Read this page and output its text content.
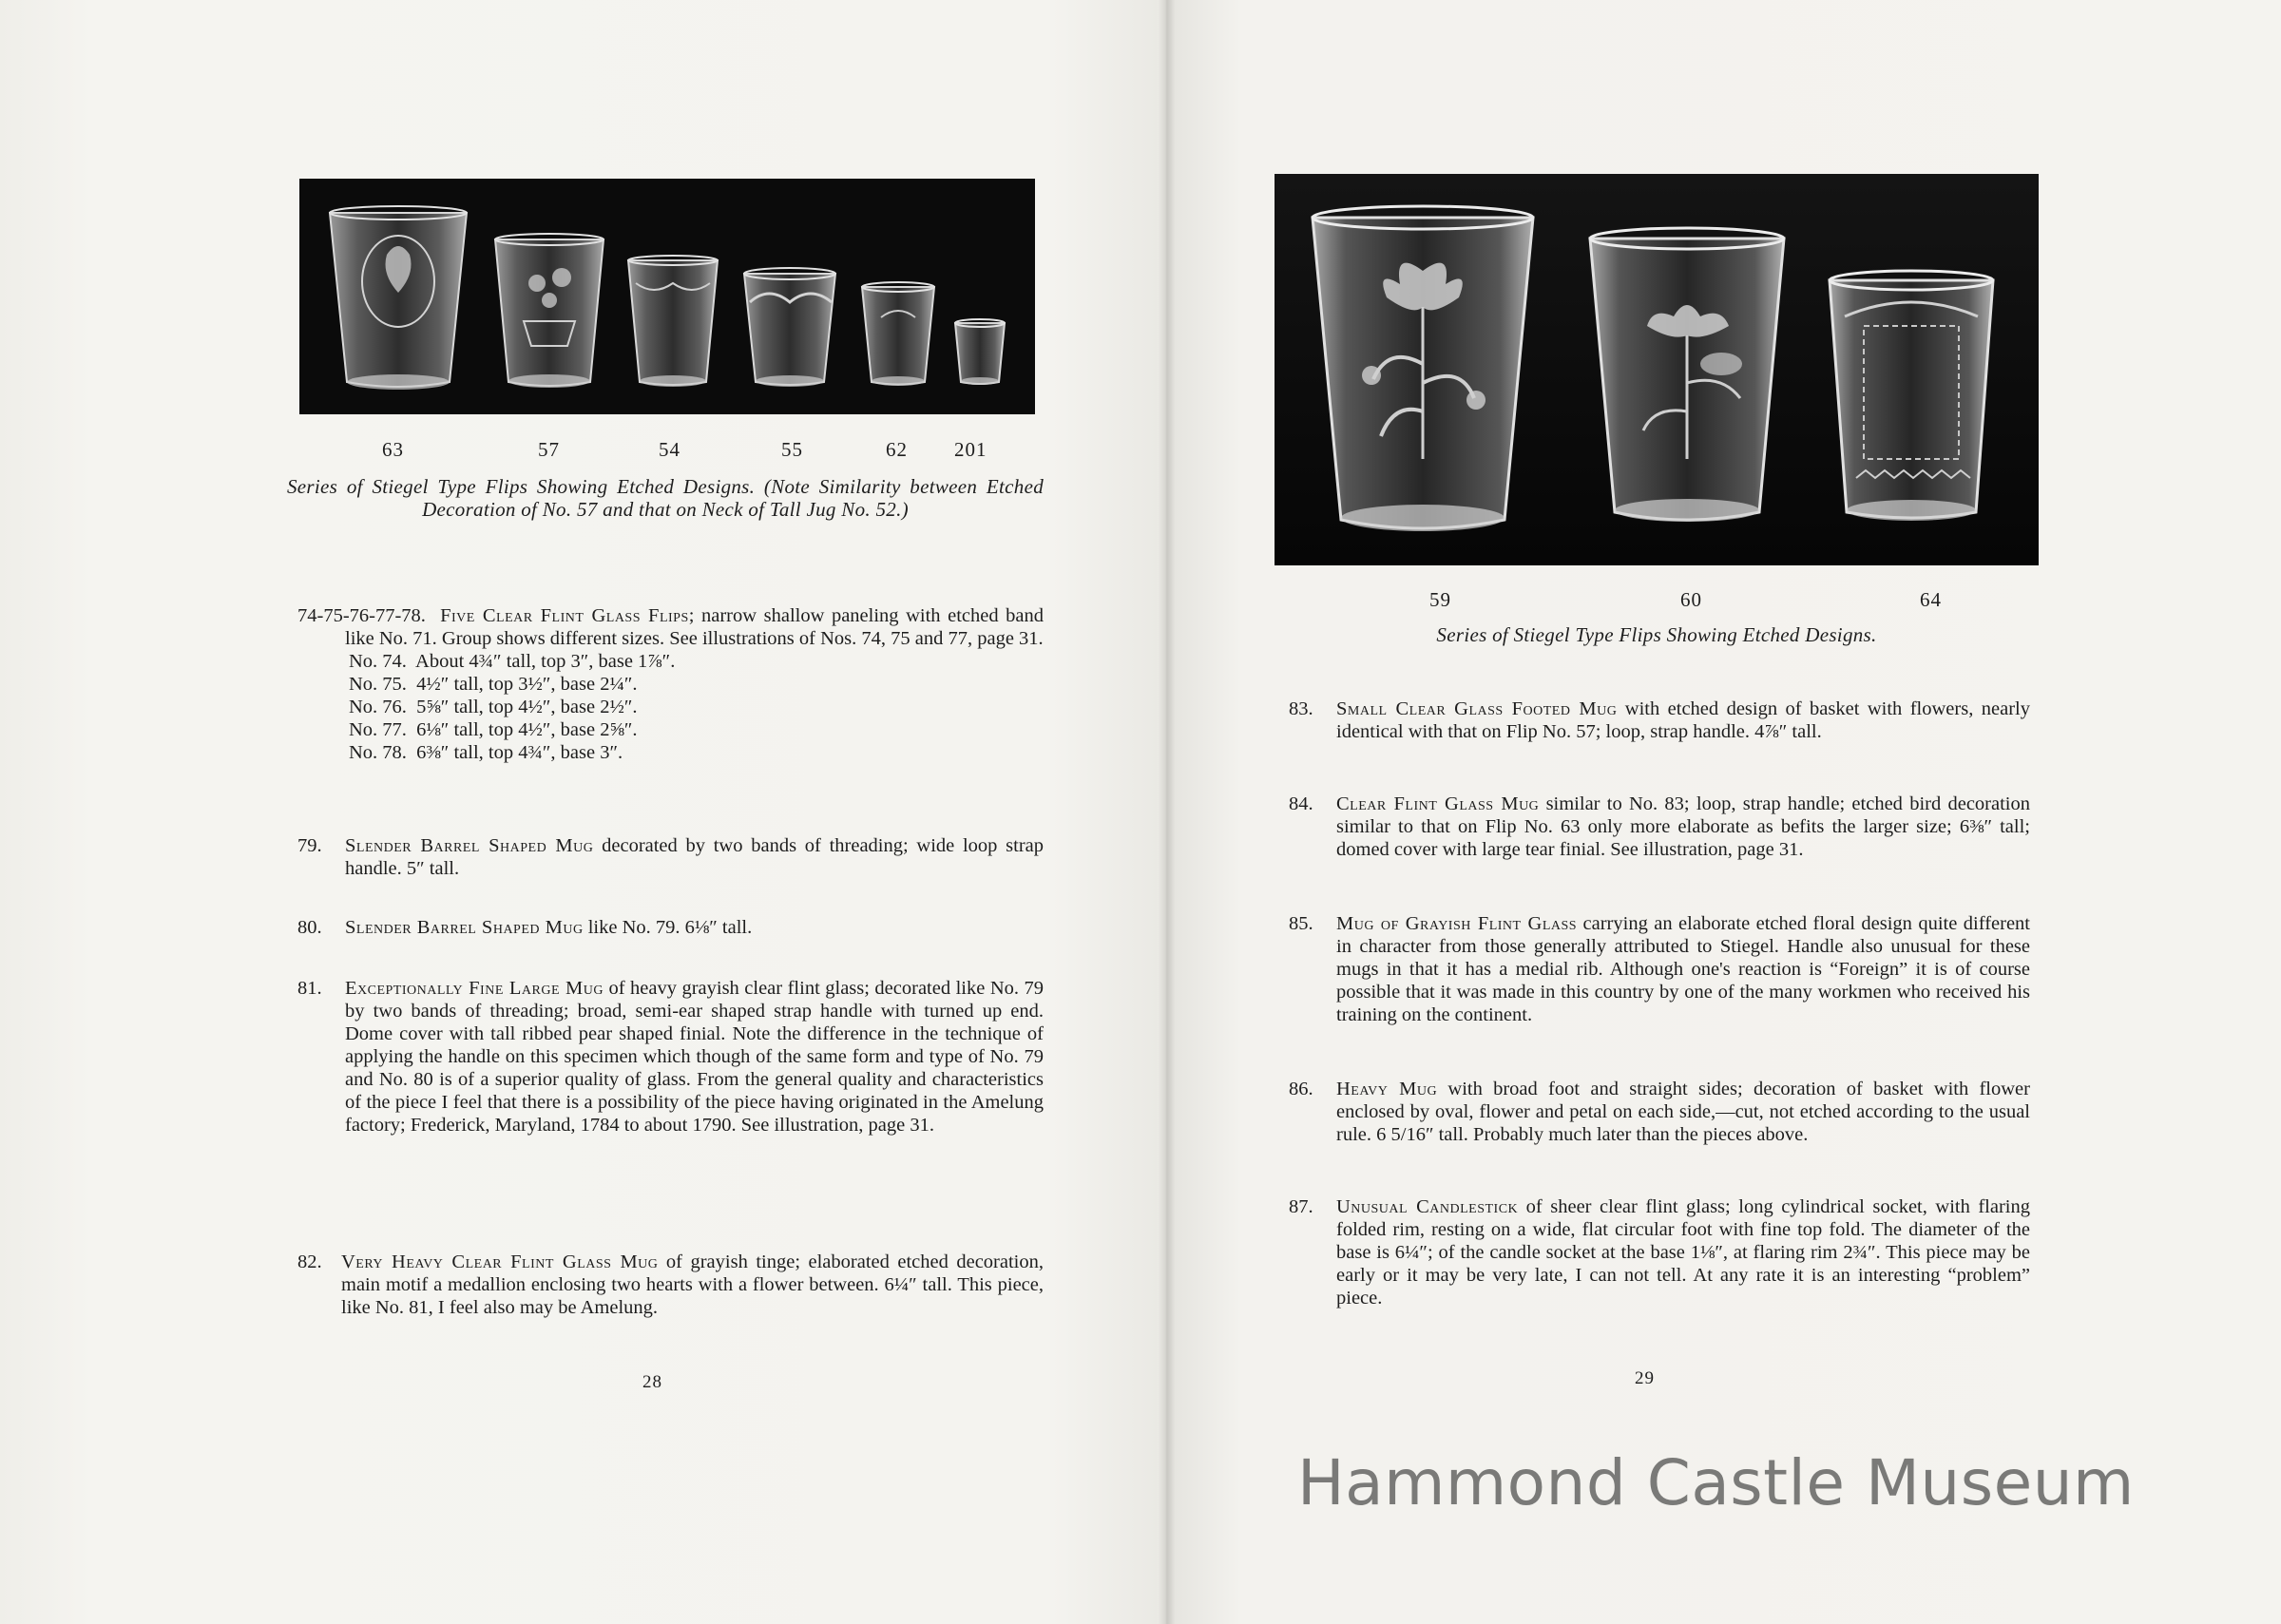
63	57	54	55	62 201
Series of Stiegel Type Flips Showing Etched Designs. (Note Similarity between Etched Decoration of No. 57 and that on Neck of Tall Jug No. 52.)
74-75-76-77-78. Five Clear Flint Glass Flips; narrow shallow paneling with etched band like No. 71. Group shows different sizes. See illustrations of Nos. 74, 75 and 77, page 31.
No. 74.  About 4¾″ tall, top 3″, base 1⅞″.
No. 75.  4½″ tall, top 3½″, base 2¼″.
No. 76.  5⅝″ tall, top 4½″, base 2½″.
No. 77.  6⅛″ tall, top 4½″, base 2⅝″.
No. 78.  6⅜″ tall, top 4¾″, base 3″.
79.	Slender Barrel Shaped Mug decorated by two bands of threading; wide loop strap handle. 5″ tall.
80.	Slender Barrel Shaped Mug like No. 79. 6⅛″ tall.
81.	Exceptionally Fine Large Mug of heavy grayish clear flint glass; decorated like No. 79 by two bands of threading; broad, semi-ear shaped strap handle with turned up end. Dome cover with tall ribbed pear shaped finial. Note the difference in the technique of applying the handle on this specimen which though of the same form and type of No. 79 and No. 80 is of a superior quality of glass. From the general quality and characteristics of the piece I feel that there is a possibility of the piece having originated in the Amelung factory; Frederick, Maryland, 1784 to about 1790. See illustration, page 31.
82. Very Heavy Clear Flint Glass Mug of grayish tinge; elaborated etched decoration, main motif a medallion enclosing two hearts with a flower between. 6¼″ tall. This piece, like No. 81, I feel also may be Amelung.
28
59	60	64
Series of Stiegel Type Flips Showing Etched Designs.
83.	Small Clear Glass Footed Mug with etched design of basket with flowers, nearly identical with that on Flip No. 57; loop, strap handle. 4⅞″ tall.
84.	Clear Flint Glass Mug similar to No. 83; loop, strap handle; etched bird decoration similar to that on Flip No. 63 only more elaborate as befits the larger size; 6⅜″ tall; domed cover with large tear finial. See illustration, page 31.
85.	Mug of Grayish Flint Glass carrying an elaborate etched floral design quite different in character from those generally attributed to Stiegel. Handle also unusual for these mugs in that it has a medial rib. Although one's reaction is “Foreign” it is of course possible that it was made in this country by one of the many workmen who received his training on the continent.
86.	Heavy Mug with broad foot and straight sides; decoration of basket with flower enclosed by oval, flower and petal on each side,—cut, not etched according to the usual rule. 6 5/16″ tall. Probably much later than the pieces above.
87.	Unusual Candlestick of sheer clear flint glass; long cylindrical socket, with flaring folded rim, resting on a wide, flat circular foot with fine top fold. The diameter of the base is 6¼″; of the candle socket at the base 1⅛″, at flaring rim 2¾″. This piece may be early or it may be very late, I can not tell. At any rate it is an interesting “problem” piece.
29
Hammond Castle Museum
